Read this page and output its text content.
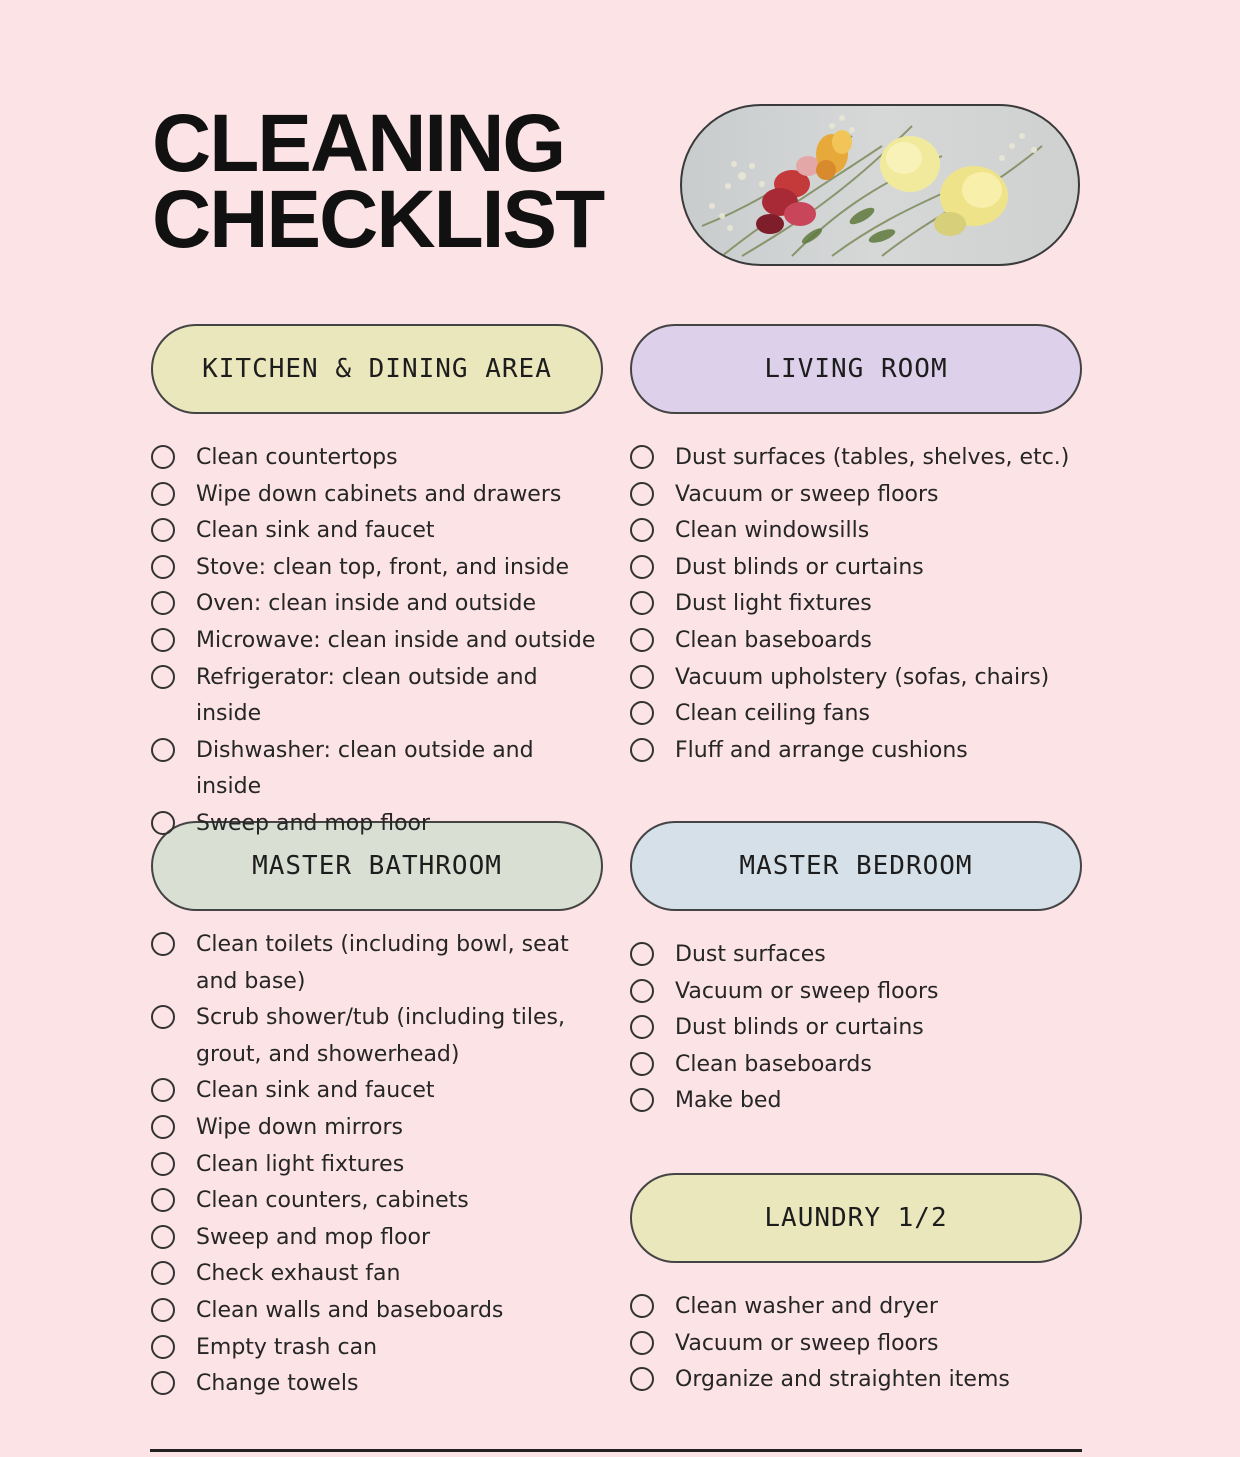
CLEANING
CHECKLIST
KITCHEN & DINING AREA	LIVING ROOM
MASTER BATHROOM	MASTER BEDROOM
LAUNDRY 1/2
Clean countertops
Wipe down cabinets and drawers
Clean sink and faucet
Stove: clean top, front, and inside
Oven: clean inside and outside
Microwave: clean inside and outside
Refrigerator: clean outside and inside
Dishwasher: clean outside and inside
Sweep and mop floor
Dust surfaces (tables, shelves, etc.)
Vacuum or sweep floors
Clean windowsills
Dust blinds or curtains
Dust light fixtures
Clean baseboards
Vacuum upholstery (sofas, chairs)
Clean ceiling fans
Fluff and arrange cushions
Clean toilets (including bowl, seat and base)
Scrub shower/tub (including tiles, grout, and showerhead)
Clean sink and faucet
Wipe down mirrors
Clean light fixtures
Clean counters, cabinets
Sweep and mop floor
Check exhaust fan
Clean walls and baseboards
Empty trash can
Change towels
Dust surfaces
Vacuum or sweep floors
Dust blinds or curtains
Clean baseboards
Make bed
Clean washer and dryer
Vacuum or sweep floors
Organize and straighten items
